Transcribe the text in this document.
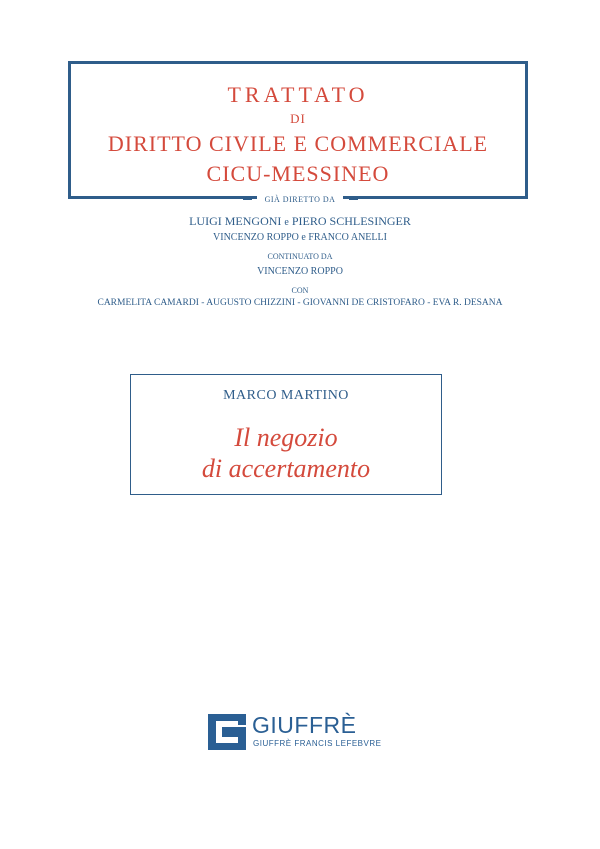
TRATTATO
DI
DIRITTO CIVILE E COMMERCIALE
CICU-MESSINEO
GIÀ DIRETTO DA
LUIGI MENGONI e PIERO SCHLESINGER
VINCENZO ROPPO e FRANCO ANELLI
CONTINUATO DA
VINCENZO ROPPO
CON
CARMELITA CAMARDI - AUGUSTO CHIZZINI - GIOVANNI DE CRISTOFARO - EVA R. DESANA
MARCO MARTINO
Il negozio
di accertamento
GIUFFRÈ
GIUFFRÈ FRANCIS LEFEBVRE
